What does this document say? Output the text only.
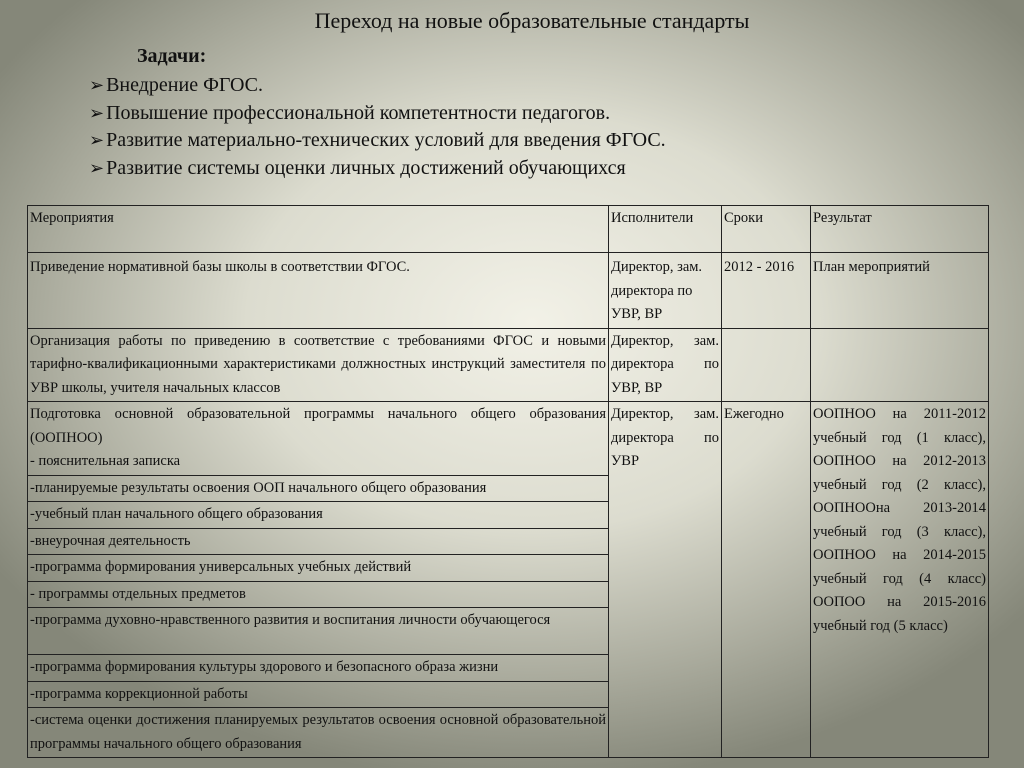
Переход на новые образовательные стандарты

Задачи:

➢ Внедрение ФГОС.
➢ Повышение профессиональной компетентности педагогов.
➢ Развитие материально-технических условий для введения ФГОС.
➢ Развитие системы оценки личных достижений обучающихся
Мероприятия	Исполнители	Сроки	Результат
Приведение нормативной базы школы в соответствии ФГОС.	Директор, зам. директора по УВР, ВР	2012 - 2016	План мероприятий
Организация работы по приведению в соответствие с требованиями ФГОС и новыми тарифно-квалификационными характеристиками должностных инструкций заместителя по УВР школы, учителя начальных классов	Директор, зам. директора по УВР, ВР		
Подготовка основной образовательной программы начального общего образования (ООПНОО)
- пояснительная записка	Директор, зам. директора по УВР	Ежегодно	ООПНОО на 2011-2012 учебный год (1 класс), ООПНОО на 2012-2013 учебный год (2 класс), ООПНООна 2013-2014 учебный год (3 класс), ООПНОО на 2014-2015 учебный год (4 класс) ООПОО на 2015-2016 учебный год (5 класс)
-планируемые результаты освоения ООП начального общего образования			
-учебный план начального общего образования			
-внеурочная деятельность			
-программа формирования универсальных учебных действий			
- программы отдельных предметов			
-программа духовно-нравственного развития и воспитания личности обучающегося			
-программа формирования культуры здорового и безопасного образа жизни			
-программа коррекционной работы			
-система оценки достижения планируемых результатов освоения основной образовательной программы начального общего образования			
